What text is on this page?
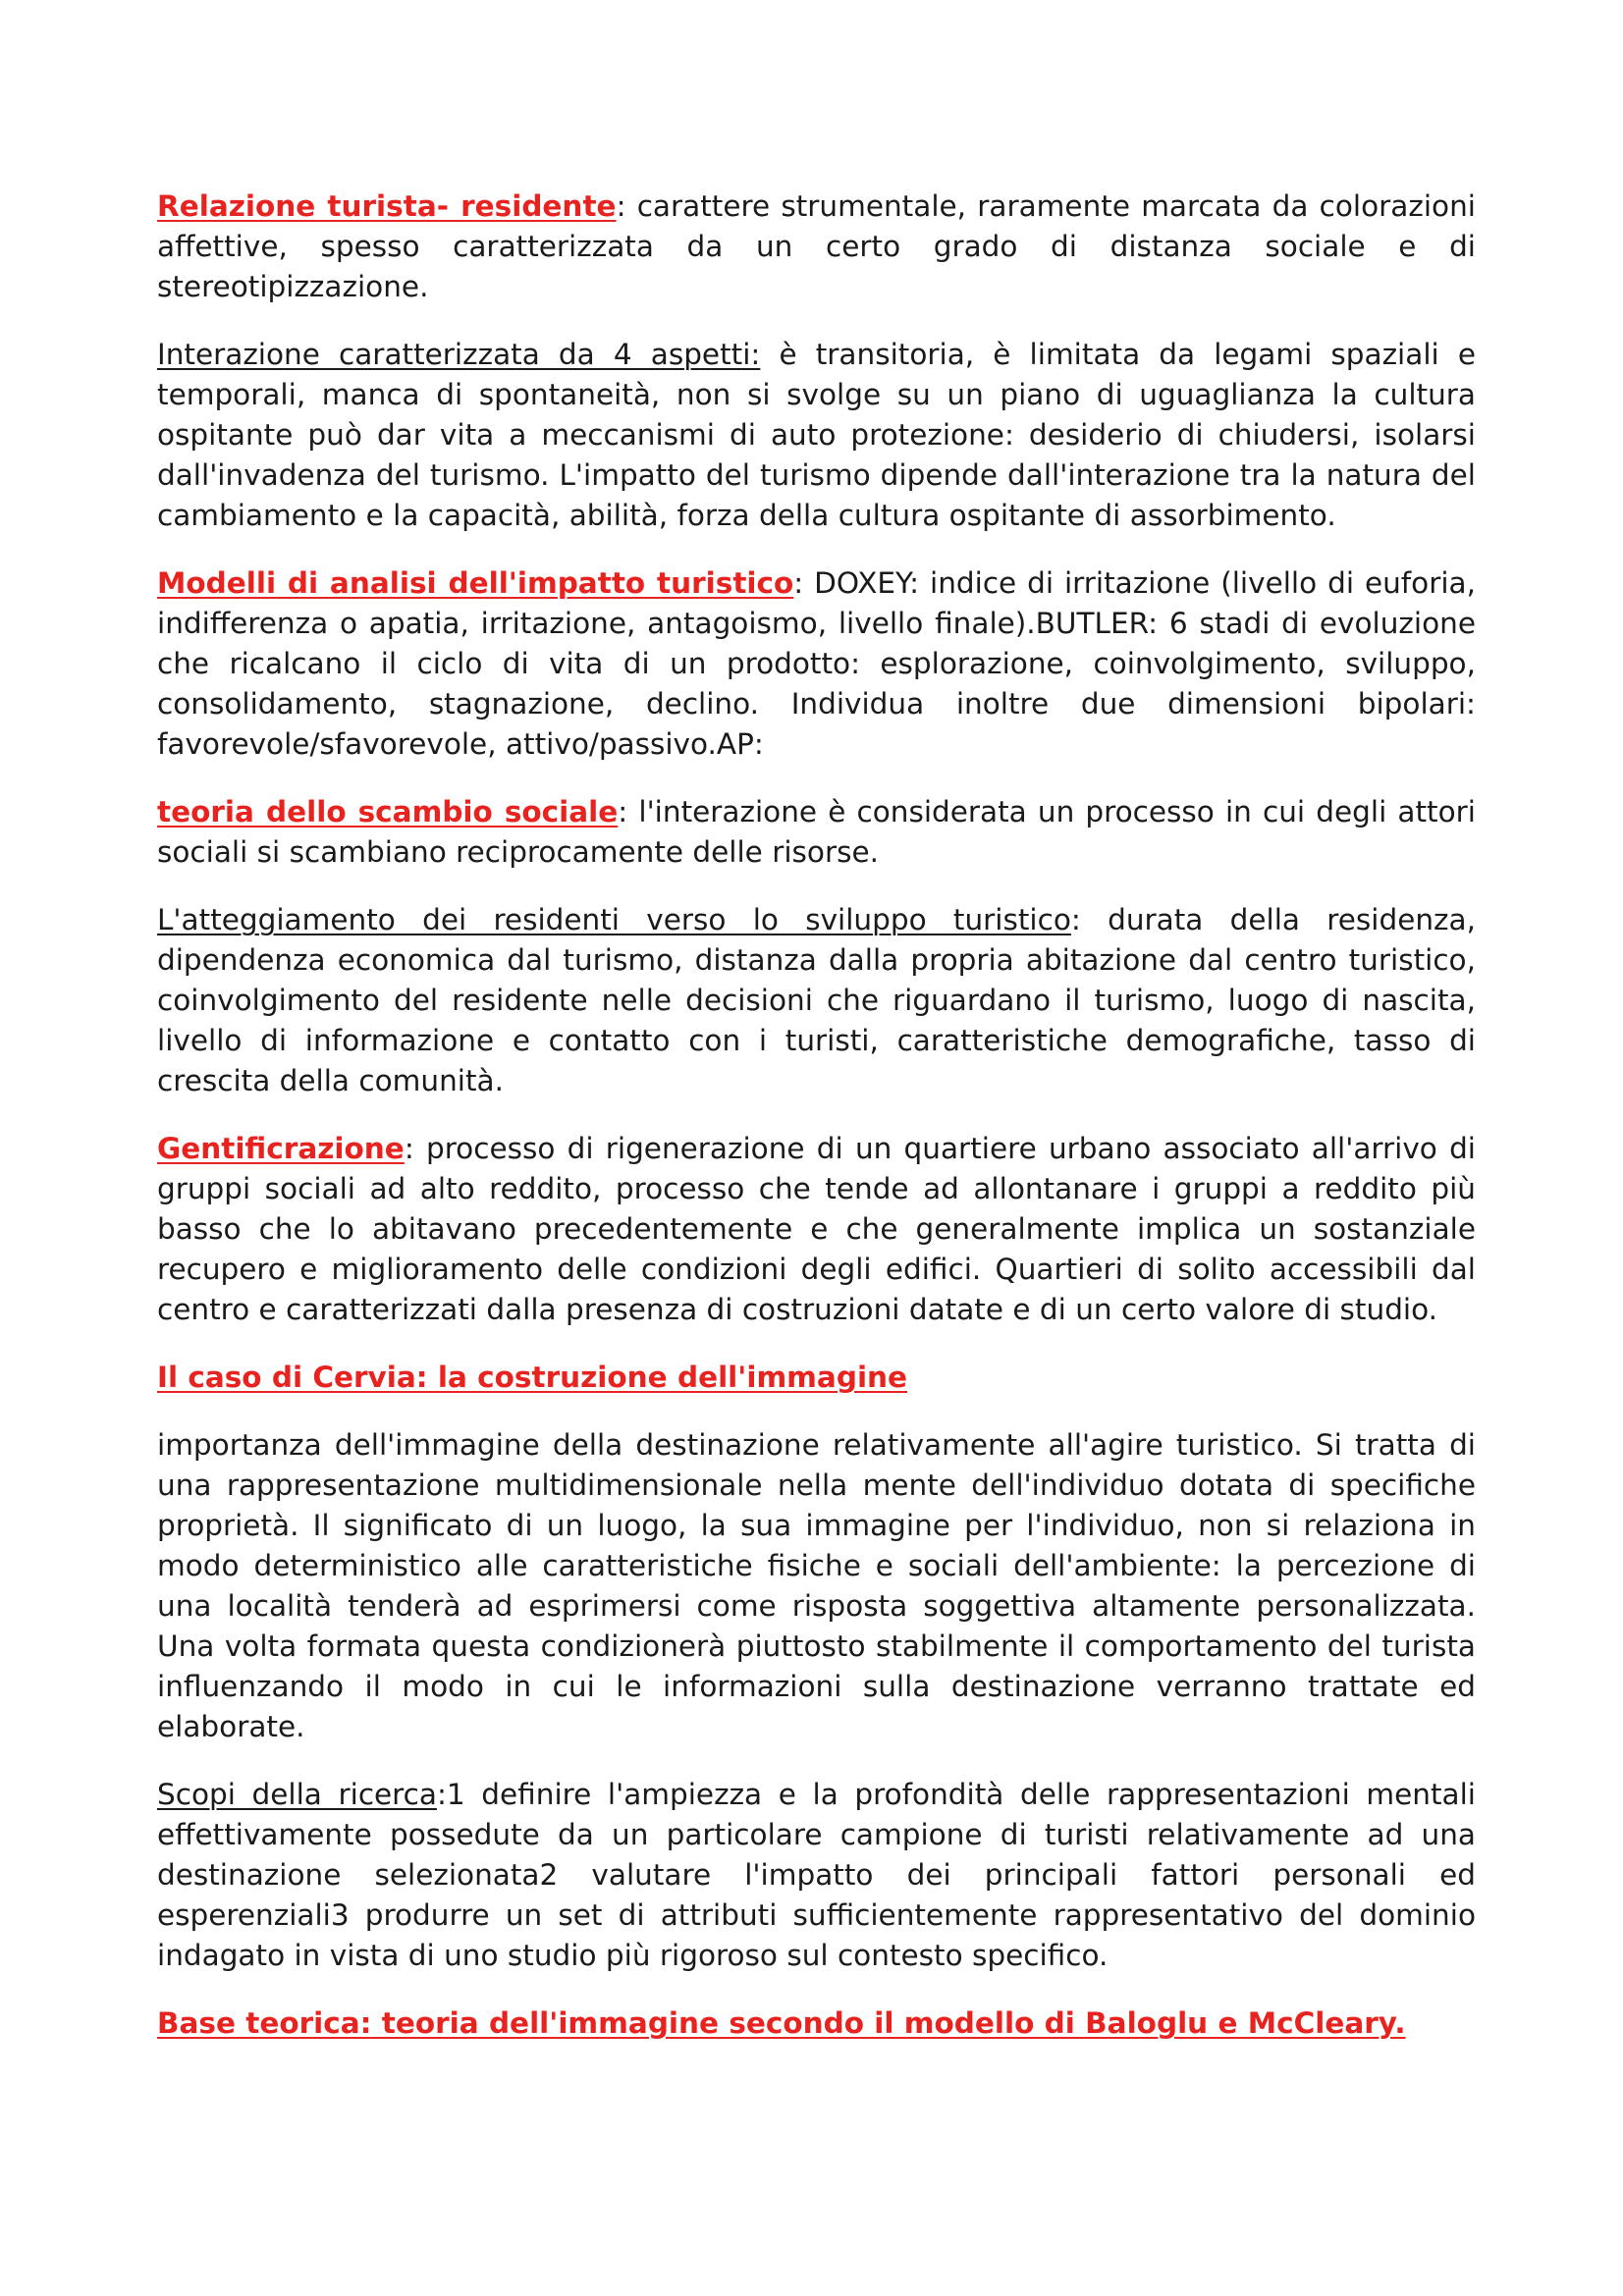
Relazione turista- residente: carattere strumentale, raramente marcata da colorazioni affettive, spesso caratterizzata da un certo grado di distanza sociale e di stereotipizzazione.

Interazione caratterizzata da 4 aspetti: è transitoria, è limitata da legami spaziali e temporali, manca di spontaneità, non si svolge su un piano di uguaglianza la cultura ospitante può dar vita a meccanismi di auto protezione: desiderio di chiudersi, isolarsi dall'invadenza del turismo. L'impatto del turismo dipende dall'interazione tra la natura del cambiamento e la capacità, abilità, forza della cultura ospitante di assorbimento.

Modelli di analisi dell'impatto turistico: DOXEY: indice di irritazione (livello di euforia, indifferenza o apatia, irritazione, antagoismo, livello finale).BUTLER: 6 stadi di evoluzione che ricalcano il ciclo di vita di un prodotto: esplorazione, coinvolgimento, sviluppo, consolidamento, stagnazione, declino. Individua inoltre due dimensioni bipolari: favorevole/sfavorevole, attivo/passivo.AP:

teoria dello scambio sociale: l'interazione è considerata un processo in cui degli attori sociali si scambiano reciprocamente delle risorse.

L'atteggiamento dei residenti verso lo sviluppo turistico: durata della residenza, dipendenza economica dal turismo, distanza dalla propria abitazione dal centro turistico, coinvolgimento del residente nelle decisioni che riguardano il turismo, luogo di nascita, livello di informazione e contatto con i turisti, caratteristiche demografiche, tasso di crescita della comunità.

Gentificrazione: processo di rigenerazione di un quartiere urbano associato all'arrivo di gruppi sociali ad alto reddito, processo che tende ad allontanare i gruppi a reddito più basso che lo abitavano precedentemente e che generalmente implica un sostanziale recupero e miglioramento delle condizioni degli edifici. Quartieri di solito accessibili dal centro e caratterizzati dalla presenza di costruzioni datate e di un certo valore di studio.

Il caso di Cervia: la costruzione dell'immagine

importanza dell'immagine della destinazione relativamente all'agire turistico. Si tratta di una rappresentazione multidimensionale nella mente dell'individuo dotata di specifiche proprietà. Il significato di un luogo, la sua immagine per l'individuo, non si relaziona in modo deterministico alle caratteristiche fisiche e sociali dell'ambiente: la percezione di una località tenderà ad esprimersi come risposta soggettiva altamente personalizzata. Una volta formata questa condizionerà piuttosto stabilmente il comportamento del turista influenzando il modo in cui le informazioni sulla destinazione verranno trattate ed elaborate.

Scopi della ricerca:1 definire l'ampiezza e la profondità delle rappresentazioni mentali effettivamente possedute da un particolare campione di turisti relativamente ad una destinazione selezionata2 valutare l'impatto dei principali fattori personali ed esperenziali3 produrre un set di attributi sufficientemente rappresentativo del dominio indagato in vista di uno studio più rigoroso sul contesto specifico.

Base teorica: teoria dell'immagine secondo il modello di Baloglu e McCleary.
